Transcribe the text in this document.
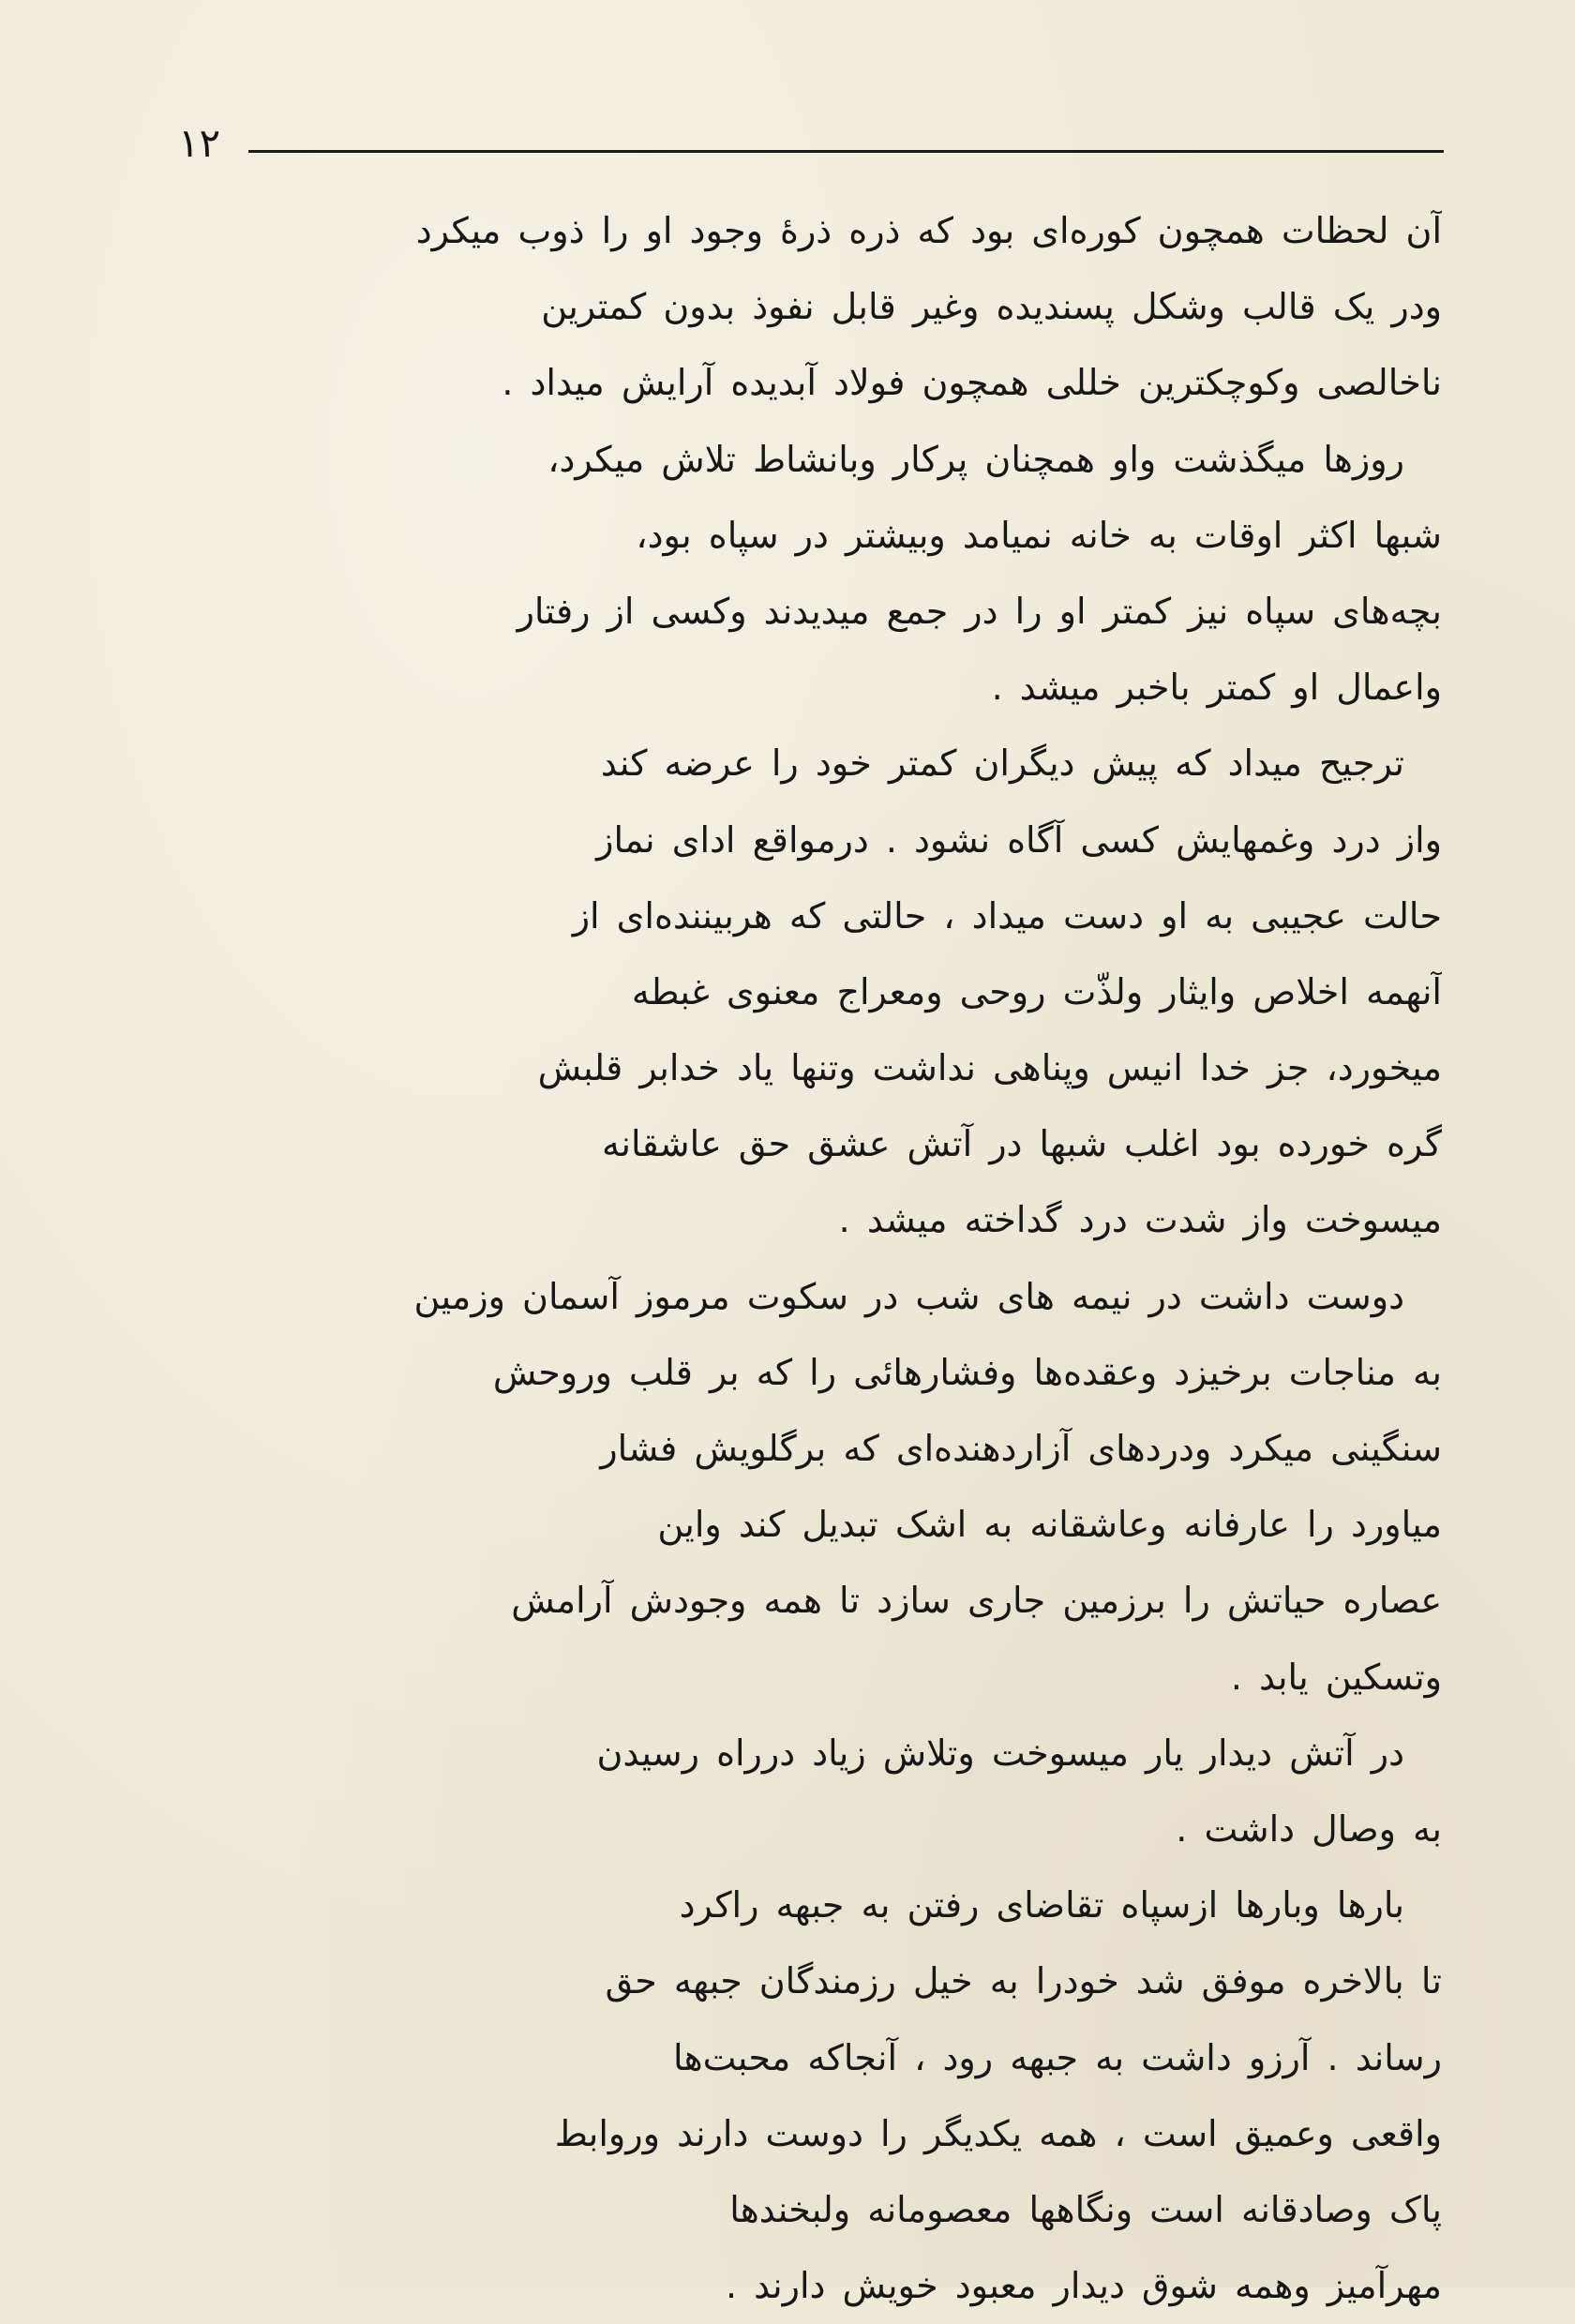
۱۲
آن لحظات همچون کوره‌ای بود که ذره ذرهٔ وجود او را ذوب میکرد
ودر یک قالب وشکل پسندیده وغیر قابل نفوذ بدون کمترین
ناخالصی وکوچکترین خللی همچون فولاد آبدیده آرایش میداد .
روزها میگذشت واو همچنان پرکار وبانشاط تلاش میکرد،
شبها اکثر اوقات به خانه نمیامد وبیشتر در سپاه بود،
بچه‌های سپاه نیز کمتر او را در جمع میدیدند وکسی از رفتار
واعمال او کمتر باخبر میشد .
ترجیح میداد که پیش دیگران کمتر خود را عرضه کند
واز درد وغمهایش کسی آگاه نشود . درمواقع ادای نماز
حالت عجیبی به او دست میداد ، حالتی که هربیننده‌ای از
آنهمه اخلاص وایثار ولذّت روحی ومعراج معنوی غبطه
میخورد، جز خدا انیس وپناهی نداشت وتنها یاد خدابر قلبش
گره خورده بود اغلب شبها در آتش عشق حق عاشقانه
میسوخت واز شدت درد گداخته میشد .
دوست داشت در نیمه های شب در سکوت مرموز آسمان وزمین
به مناجات برخیزد وعقده‌ها وفشارهائی را که بر قلب وروحش
سنگینی میکرد ودردهای آزاردهنده‌ای که برگلویش فشار
میاورد را عارفانه وعاشقانه به اشک تبدیل کند واین
عصاره حیاتش را برزمین جاری سازد تا همه وجودش آرامش
وتسکین یابد .
در آتش دیدار یار میسوخت وتلاش زیاد درراه رسیدن
به وصال داشت .
بارها وبارها ازسپاه تقاضای رفتن به جبهه راکرد
تا بالاخره موفق شد خودرا به خیل رزمندگان جبهه حق
رساند . آرزو داشت به جبهه رود ، آنجاکه محبت‌ها
واقعی وعمیق است ، همه یکدیگر را دوست دارند وروابط
پاک وصادقانه است ونگاهها معصومانه ولبخندها
مهرآمیز وهمه شوق دیدار معبود خویش دارند .
